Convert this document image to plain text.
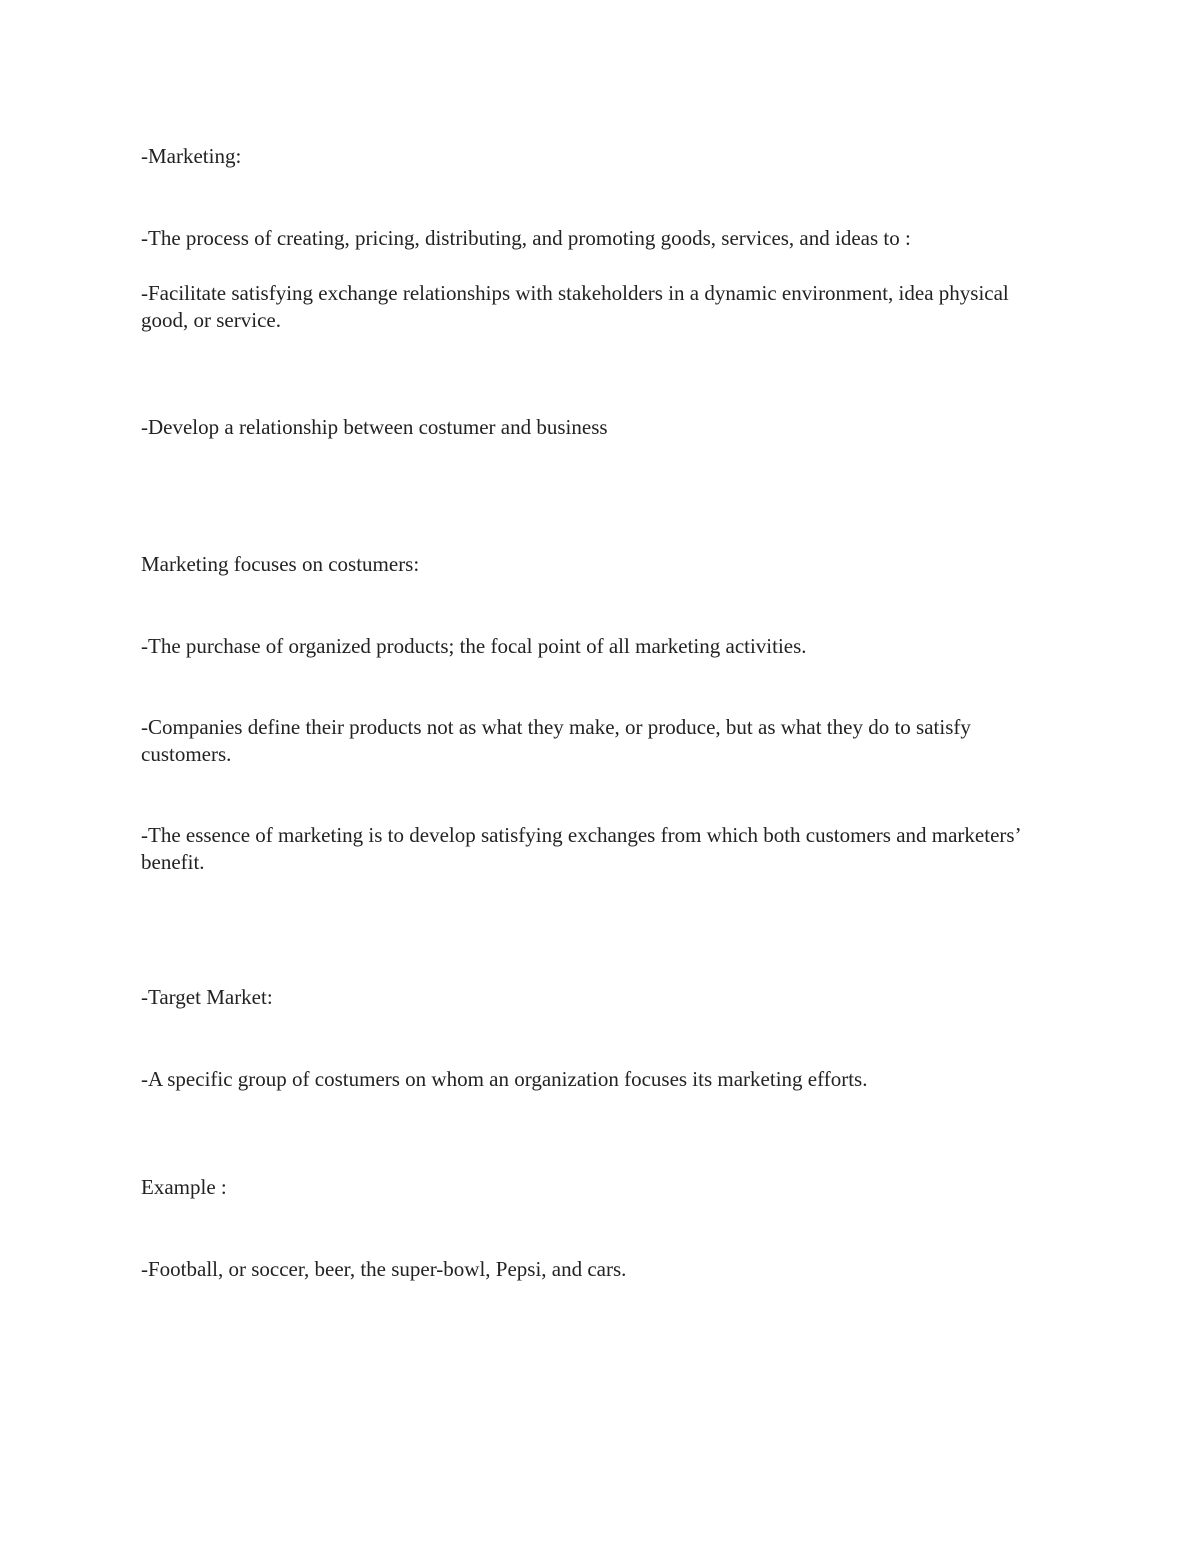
-Marketing:

-The process of creating, pricing, distributing, and promoting goods, services, and ideas to :

-Facilitate satisfying exchange relationships with stakeholders in a dynamic environment, idea physical good, or service.

-Develop a relationship between costumer and business

Marketing focuses on costumers:

-The purchase of organized products; the focal point of all marketing activities.

-Companies define their products not as what they make, or produce, but as what they do to satisfy customers.

-The essence of marketing is to develop satisfying exchanges from which both customers and marketers’ benefit.

-Target Market:

-A specific group of costumers on whom an organization focuses its marketing efforts.

Example :

-Football, or soccer, beer, the super-bowl, Pepsi, and cars.
